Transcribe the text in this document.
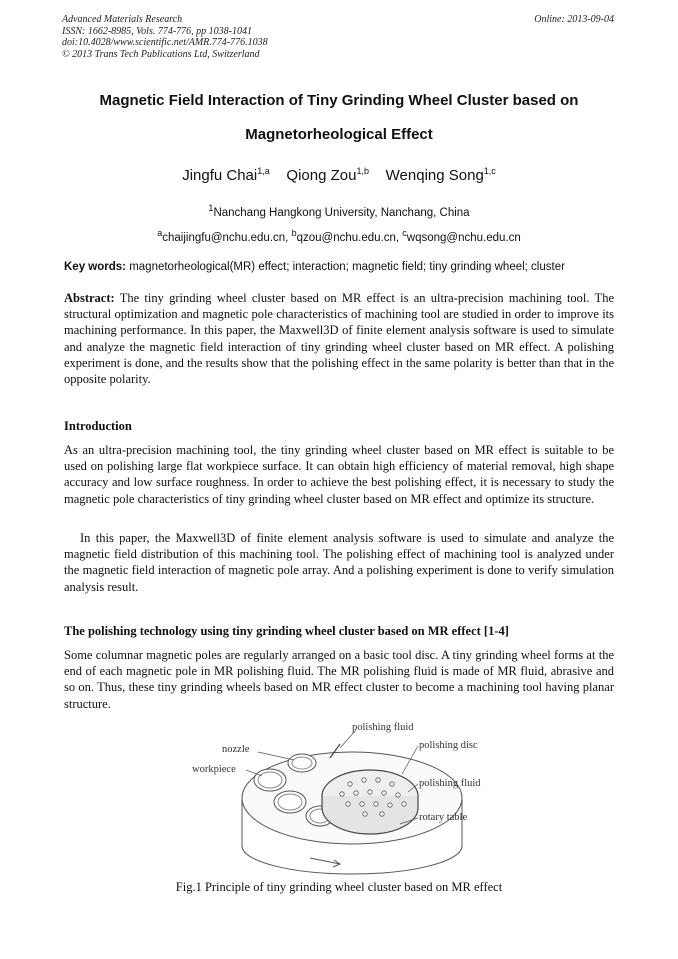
Advanced Materials Research
ISSN: 1662-8985, Vols. 774-776, pp 1038-1041
doi:10.4028/www.scientific.net/AMR.774-776.1038
© 2013 Trans Tech Publications Ltd, Switzerland
Online: 2013-09-04
Magnetic Field Interaction of Tiny Grinding Wheel Cluster based on
Magnetorheological Effect
Jingfu Chai$^{1,a}$ Qiong Zou$^{1,b}$ Wenqing Song$^{1,c}$
$^1$Nanchang Hangkong University, Nanchang, China
$^a$chaijingfu@nchu.edu.cn, $^b$qzou@nchu.edu.cn, $^c$wqsong@nchu.edu.cn
Key words: magnetorheological(MR) effect; interaction; magnetic field; tiny grinding wheel; cluster
Abstract: The tiny grinding wheel cluster based on MR effect is an ultra-precision machining tool. The structural optimization and magnetic pole characteristics of machining tool are studied in order to improve its machining performance. In this paper, the Maxwell3D of finite element analysis software is used to simulate and analyze the magnetic field interaction of tiny grinding wheel cluster based on MR effect. A polishing experiment is done, and the results show that the polishing effect in the same polarity is better than that in the opposite polarity.
Introduction
As an ultra-precision machining tool, the tiny grinding wheel cluster based on MR effect is suitable to be used on polishing large flat workpiece surface. It can obtain high efficiency of material removal, high shape accuracy and low surface roughness. In order to achieve the best polishing effect, it is necessary to study the magnetic pole characteristics of tiny grinding wheel cluster based on MR effect and optimize its structure.
In this paper, the Maxwell3D of finite element analysis software is used to simulate and analyze the magnetic field distribution of this machining tool. The polishing effect of machining tool is analyzed under the magnetic field interaction of magnetic pole array. And a polishing experiment is done to verify simulation analysis result.
The polishing technology using tiny grinding wheel cluster based on MR effect [1-4]
Some columnar magnetic poles are regularly arranged on a basic tool disc. A tiny grinding wheel forms at the end of each magnetic pole in MR polishing fluid. The MR polishing fluid is made of MR fluid, abrasive and so on. Thus, these tiny grinding wheels based on MR effect cluster to become a machining tool having planar structure.
polishing fluid
nozzle	polishing disc
workpiece
polishing fluid
rotary table
Fig.1 Principle of tiny grinding wheel cluster based on MR effect
